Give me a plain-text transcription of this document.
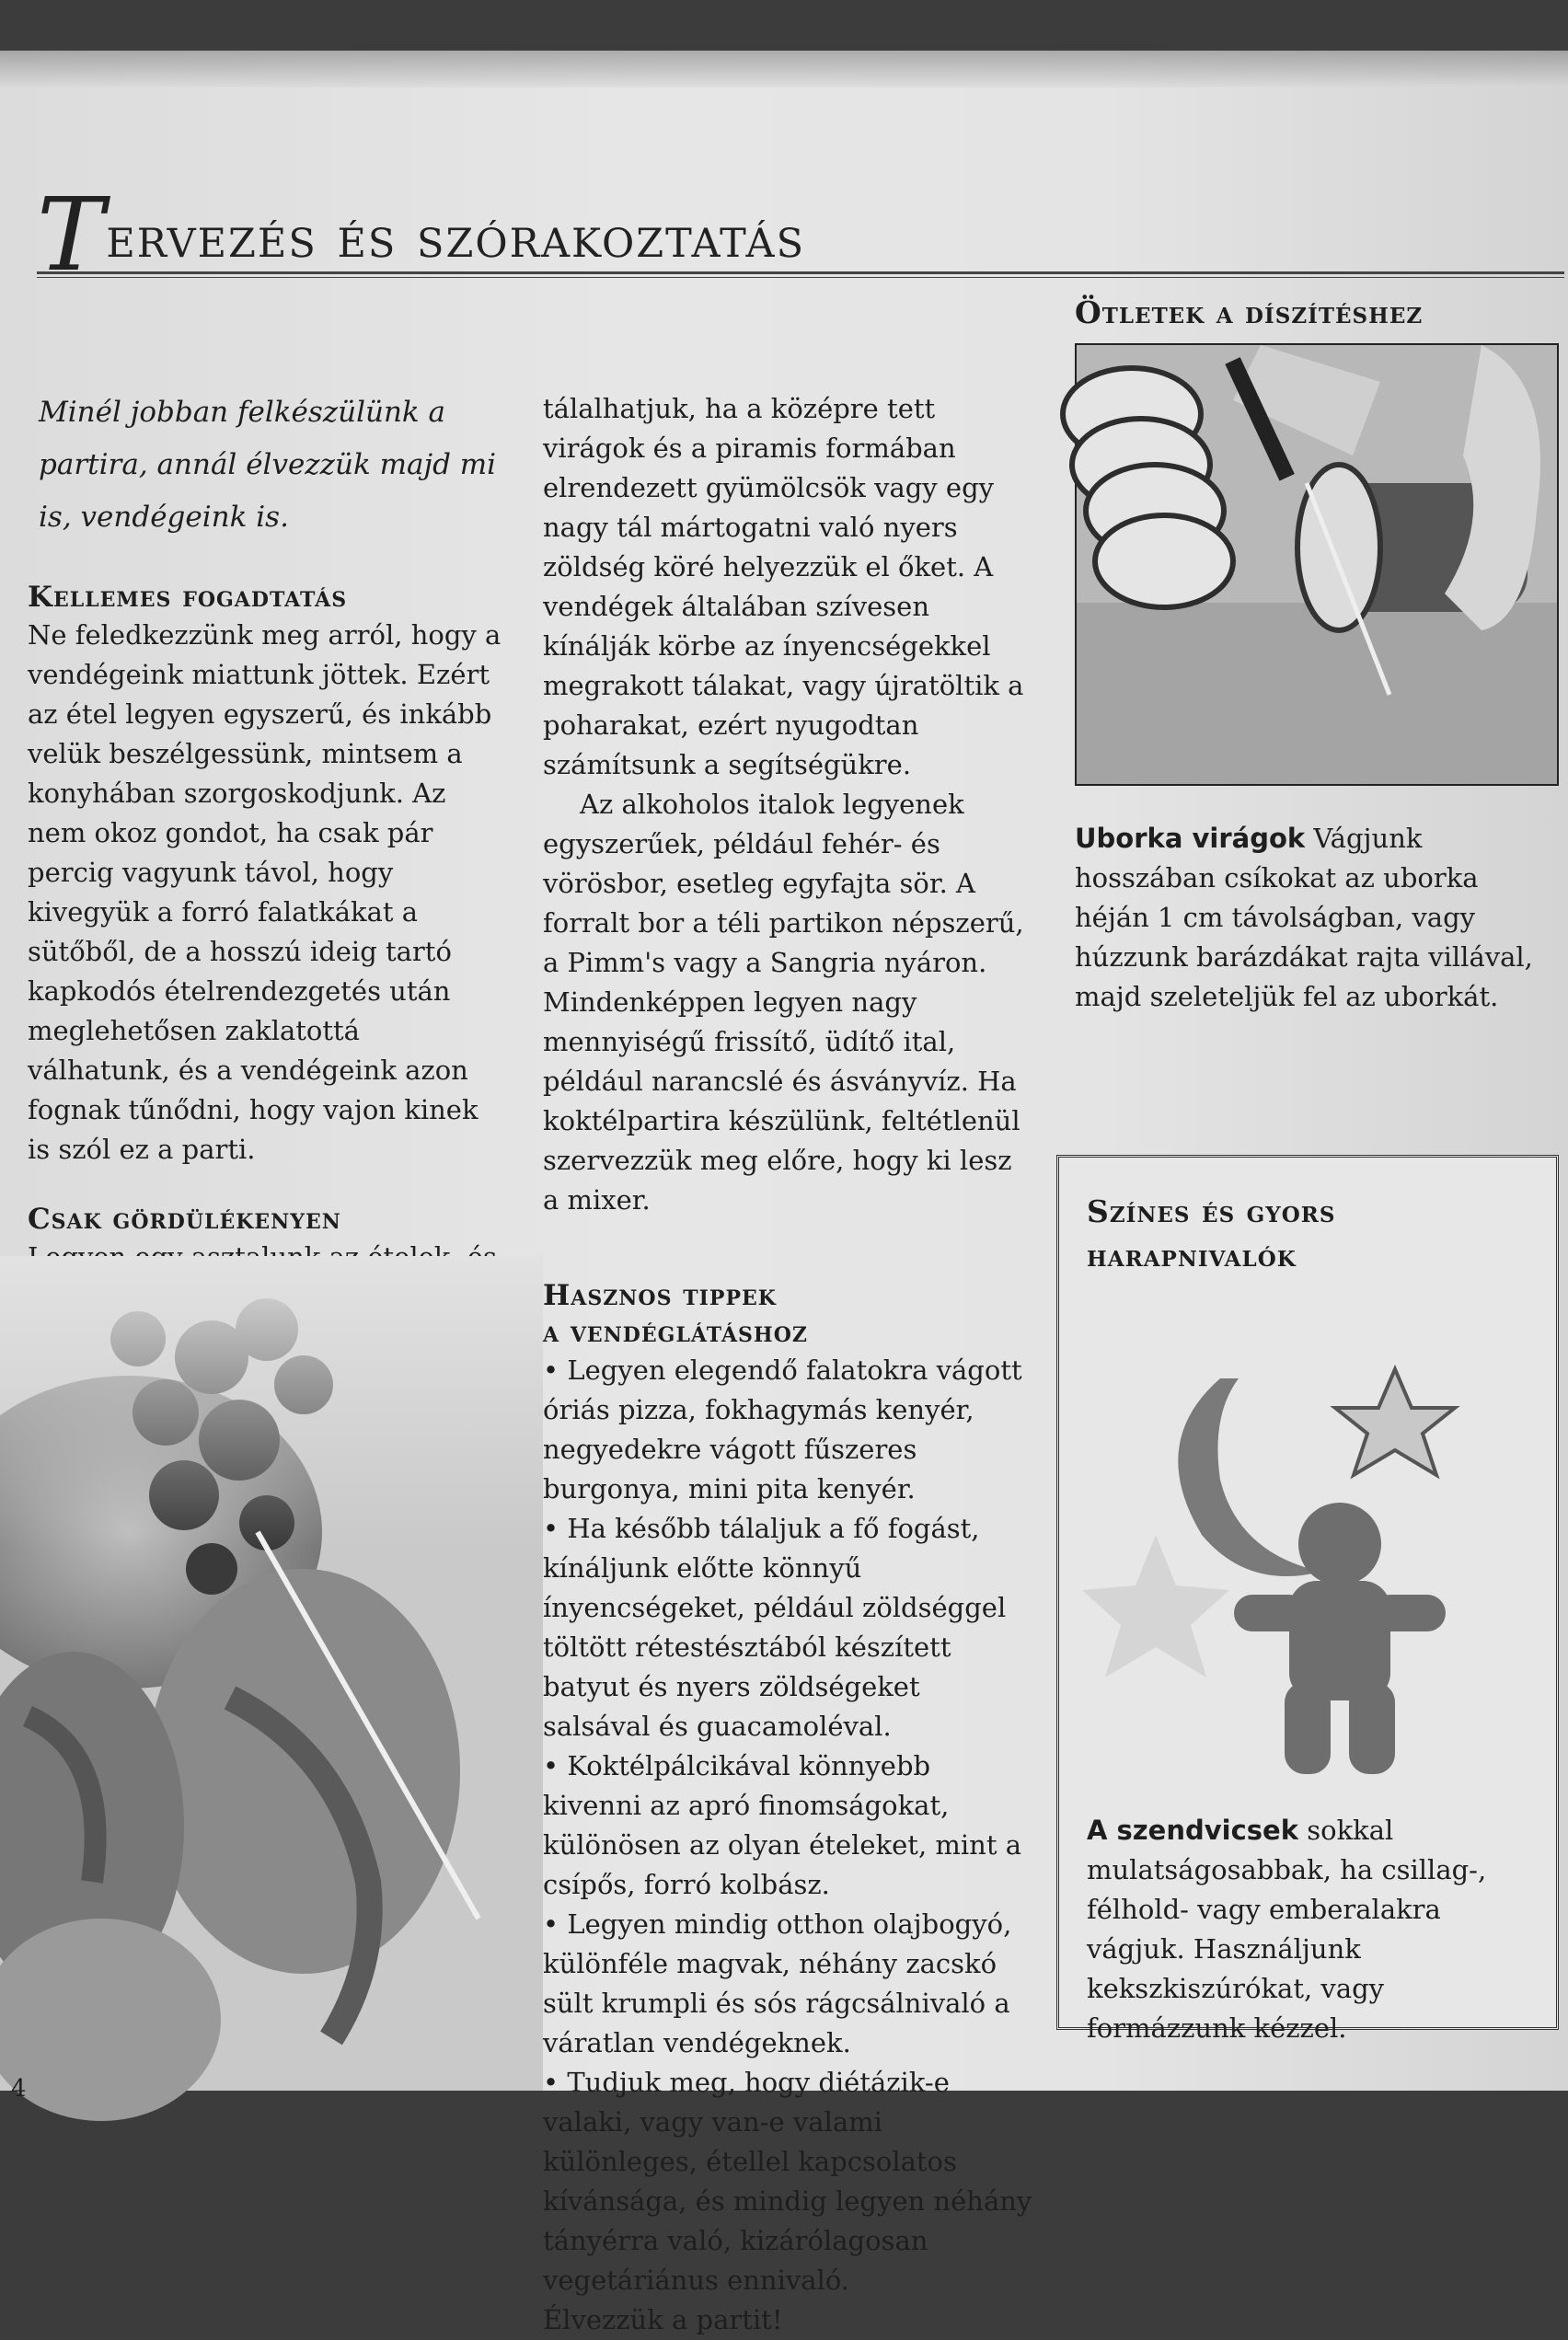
Tervezés és szórakoztatás

Minél jobban felkészülünk a partira, annál élvezzük majd mi is, vendégeink is.

Kellemes fogadtatás

Ne feledkezzünk meg arról, hogy a vendégeink miattunk jöttek. Ezért az étel legyen egyszerű, és inkább velük beszélgessünk, mintsem a konyhában szorgoskodjunk. Az nem okoz gondot, ha csak pár percig vagyunk távol, hogy kivegyük a forró falatkákat a sütőből, de a hosszú ideig tartó kapkodós ételrendezgetés után meglehetősen zaklatottá válhatunk, és a vendégeink azon fognak tűnődni, hogy vajon kinek is szól ez a parti.

Csak gördülékenyen

tálalhatjuk, ha a középre tett virágok és a piramis formában elrendezett gyümölcsök vagy egy nagy tál mártogatni való nyers zöldség köré helyezzük el őket. A vendégek általában szívesen kínálják körbe az ínyencségekkel megrakott tálakat, vagy újratöltik a poharakat, ezért nyugodtan számítsunk a segítségükre.

Az alkoholos italok legyenek egyszerűek, például fehér- és vörösbor, esetleg egyfajta sör. A forralt bor a téli partikon népszerű, a Pimm's vagy a Sangria nyáron. Mindenképpen legyen nagy mennyiségű frissítő, üdítő ital, például narancslé és ásványvíz. Ha koktélpartira készülünk, feltétlenül szervezzük meg előre, hogy ki lesz a mixer.

Hasznos tippek
a vendéglátáshoz

• Legyen elegendő falatokra vágott óriás pizza, fokhagymás kenyér, negyedekre vágott fűszeres burgonya, mini pita kenyér.

• Ha később tálaljuk a fő fogást, kínáljunk előtte könnyű ínyencségeket, például zöldséggel töltött rétestésztából készített batyut és nyers zöldségeket salsával és guacamoléval.

• Koktélpálcikával könnyebb kivenni az apró finomságokat, különösen az olyan ételeket, mint a csípős, forró kolbász.

• Legyen mindig otthon olajbogyó, különféle magvak, néhány zacskó sült krumpli és sós rágcsálnivaló a váratlan vendégeknek.

• Tudjuk meg, hogy diétázik-e valaki, vagy van-e valami különleges, étellel kapcsolatos kívánsága, és mindig legyen néhány tányérra való, kizárólagosan vegetáriánus ennivaló.

Élvezzük a partit!

Ötletek a díszítéshez
Uborka virágok Vágjunk hosszában csíkokat az uborka héján 1 cm távolságban, vagy húzzunk barázdákat rajta villával, majd szeleteljük fel az uborkát.
Színes és gyors
harapnivalók
A szendvicsek sokkal mulatságosabbak, ha csillag-, félhold- vagy emberalakra vágjuk. Használjunk kekszkiszúrókat, vagy formázzunk kézzel.
4
